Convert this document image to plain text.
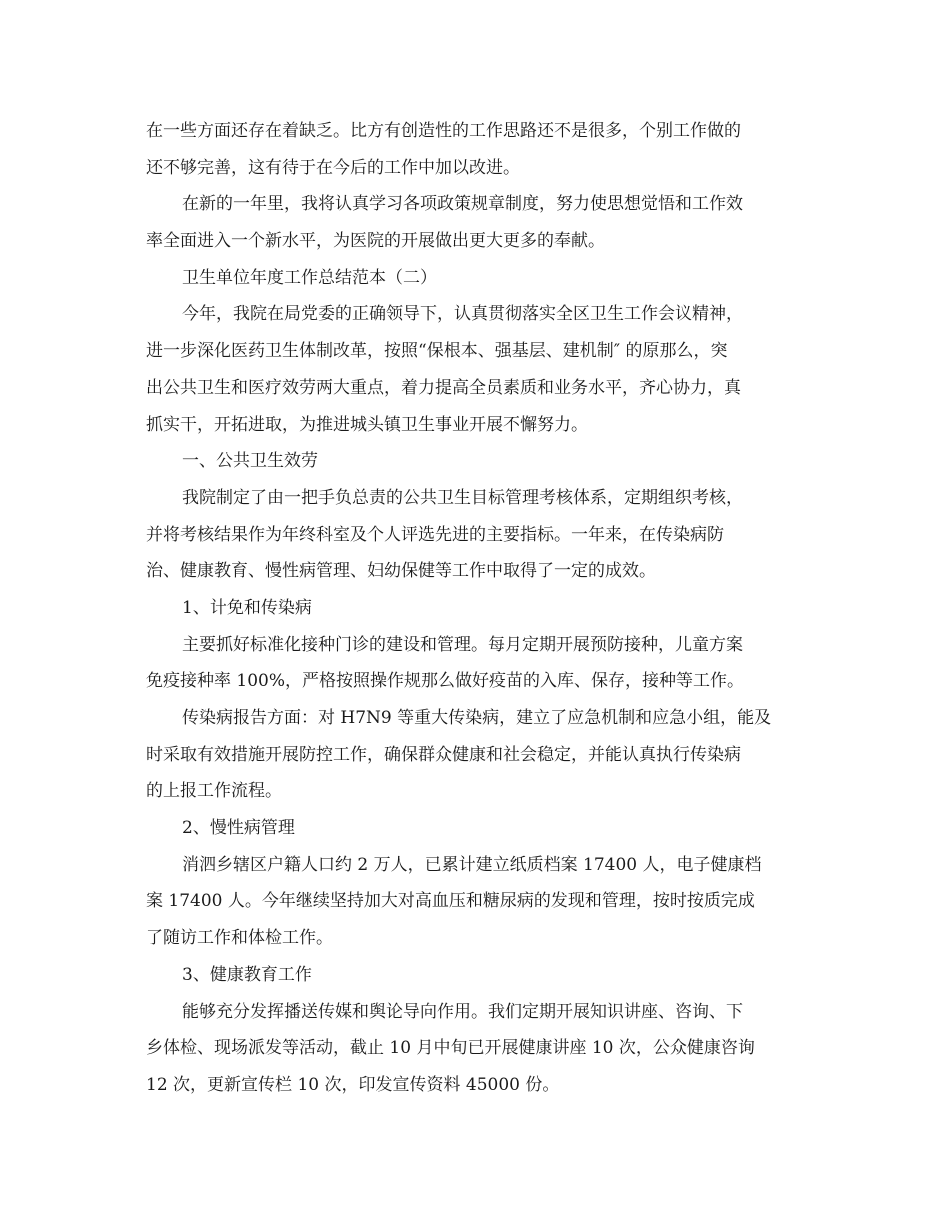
在一些方面还存在着缺乏。比方有创造性的工作思路还不是很多，个别工作做的

还不够完善，这有待于在今后的工作中加以改进。

在新的一年里，我将认真学习各项政策规章制度，努力使思想觉悟和工作效

率全面进入一个新水平，为医院的开展做出更大更多的奉献。

卫生单位年度工作总结范本（二）

今年，我院在局党委的正确领导下，认真贯彻落实全区卫生工作会议精神，

进一步深化医药卫生体制改革，按照“保根本、强基层、建机制″ 的原那么，突

出公共卫生和医疗效劳两大重点，着力提高全员素质和业务水平，齐心协力，真

抓实干，开拓进取，为推进城头镇卫生事业开展不懈努力。

一、公共卫生效劳

我院制定了由一把手负总责的公共卫生目标管理考核体系，定期组织考核，

并将考核结果作为年终科室及个人评选先进的主要指标。一年来，在传染病防

治、健康教育、慢性病管理、妇幼保健等工作中取得了一定的成效。

1、计免和传染病

主要抓好标准化接种门诊的建设和管理。每月定期开展预防接种，儿童方案

免疫接种率 100%，严格按照操作规那么做好疫苗的入库、保存，接种等工作。

传染病报告方面：对 H7N9 等重大传染病，建立了应急机制和应急小组，能及

时采取有效措施开展防控工作，确保群众健康和社会稳定，并能认真执行传染病

的上报工作流程。

2、慢性病管理

消泗乡辖区户籍人口约 2 万人，已累计建立纸质档案 17400 人，电子健康档

案 17400 人。今年继续坚持加大对高血压和糖尿病的发现和管理，按时按质完成

了随访工作和体检工作。

3、健康教育工作

能够充分发挥播送传媒和舆论导向作用。我们定期开展知识讲座、咨询、下

乡体检、现场派发等活动，截止 10 月中旬已开展健康讲座 10 次，公众健康咨询

12 次，更新宣传栏 10 次，印发宣传资料 45000 份。
